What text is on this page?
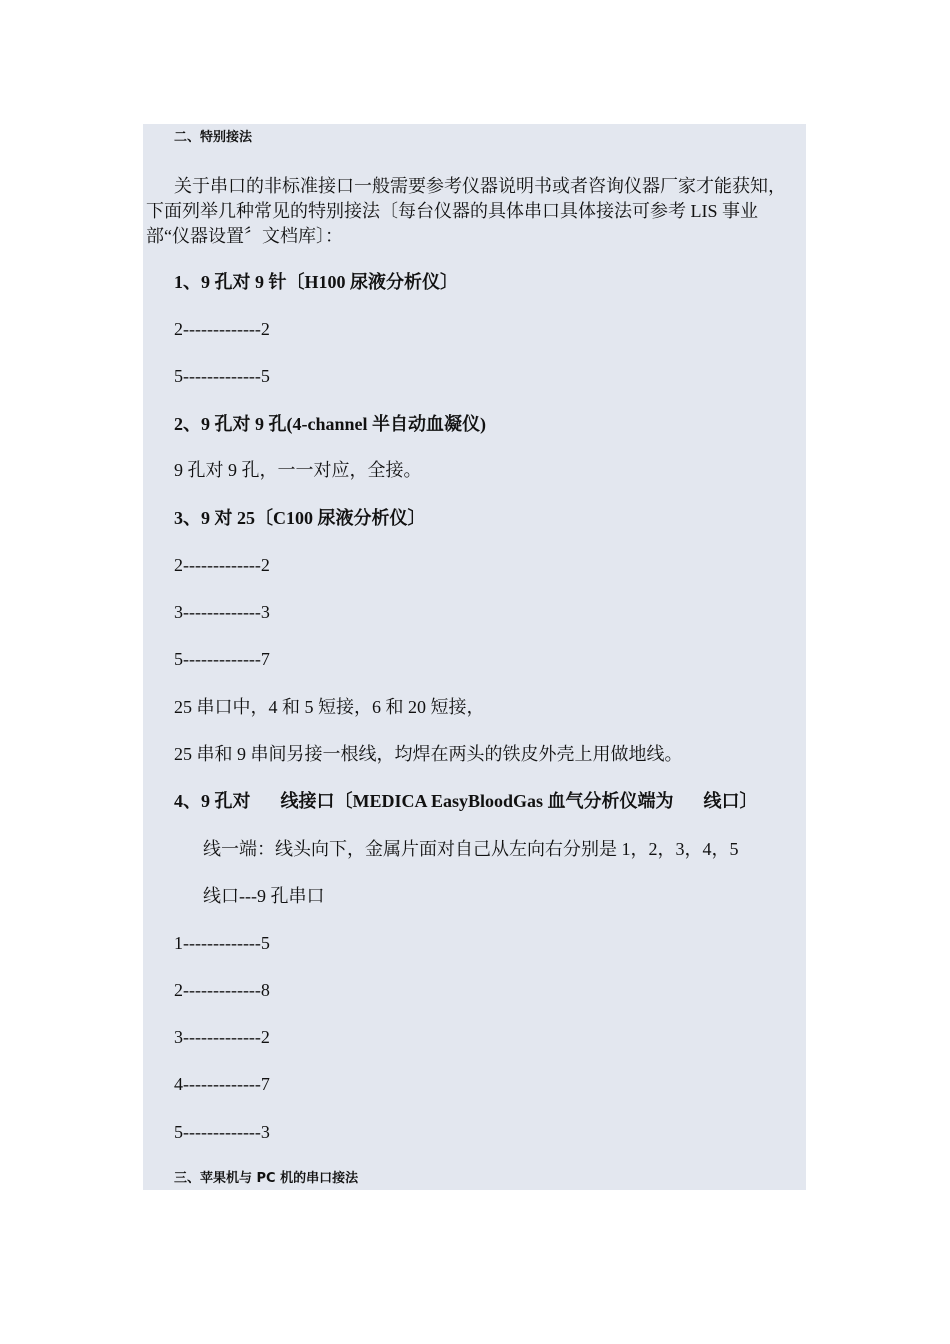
二、特别接法
关于串口的非标准接口一般需要参考仪器说明书或者咨询仪器厂家才能获知，
下面列举几种常见的特别接法〔每台仪器的具体串口具体接法可参考 LIS 事业
部“仪器设置〞文档库〕：
1、9 孔对 9 针〔H100 尿液分析仪〕
2-------------2
5-------------5
2、9 孔对 9 孔(4-channel 半自动血凝仪)
9 孔对 9 孔，一一对应，全接。
3、9 对 25〔C100 尿液分析仪〕
2-------------2
3-------------3
5-------------7
25 串口中，4 和 5 短接，6 和 20 短接，
25 串和 9 串间另接一根线，均焊在两头的铁皮外壳上用做地线。
4、9 孔对 线接口〔MEDICA EasyBloodGas 血气分析仪端为 线口〕
线一端：线头向下，金属片面对自己从左向右分别是 1，2，3，4，5
线口---9 孔串口
1-------------5
2-------------8
3-------------2
4-------------7
5-------------3
三、苹果机与 PC 机的串口接法
